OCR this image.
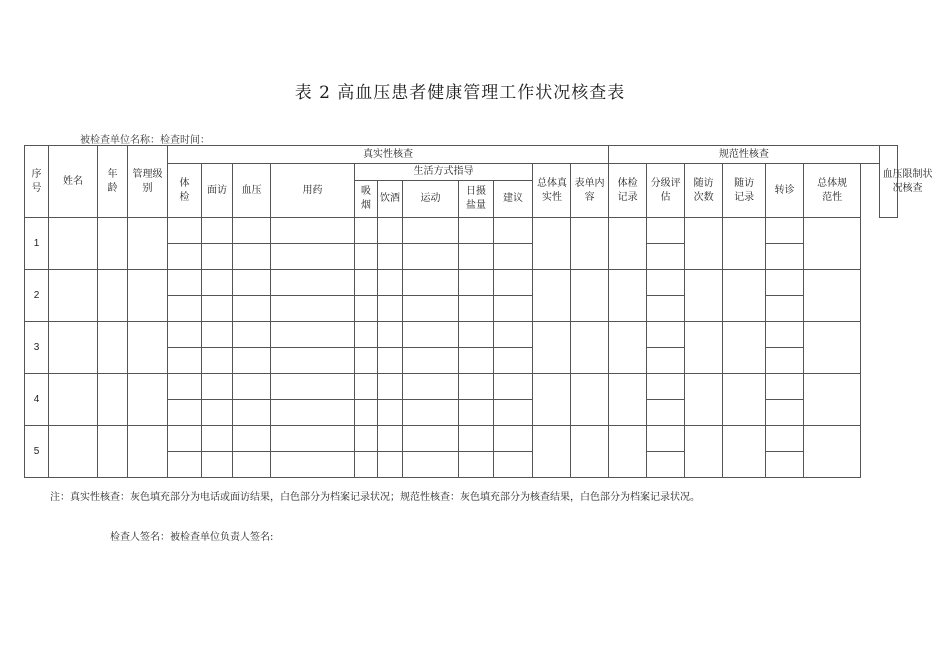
表 2 高血压患者健康管理工作状况核查表
被检查单位名称：检查时间：
序号	姓名	年龄	管理级别	真实性核查											规范性核查						血压限制状况核查
				体检	面访	血压	用药	生活方式指导					总体真实性	表单内容	体检记录	分级评估	随访次数	随访记录	转诊	总体规范性	
								吸烟	饮酒	运动	日摄盐量	建议									
1																					

2																					

3																					

4																					

5																					

注：真实性核查：灰色填充部分为电话或面访结果，白色部分为档案记录状况；规范性核查：灰色填充部分为核查结果，白色部分为档案记录状况。
检查人签名：被检查单位负责人签名:
